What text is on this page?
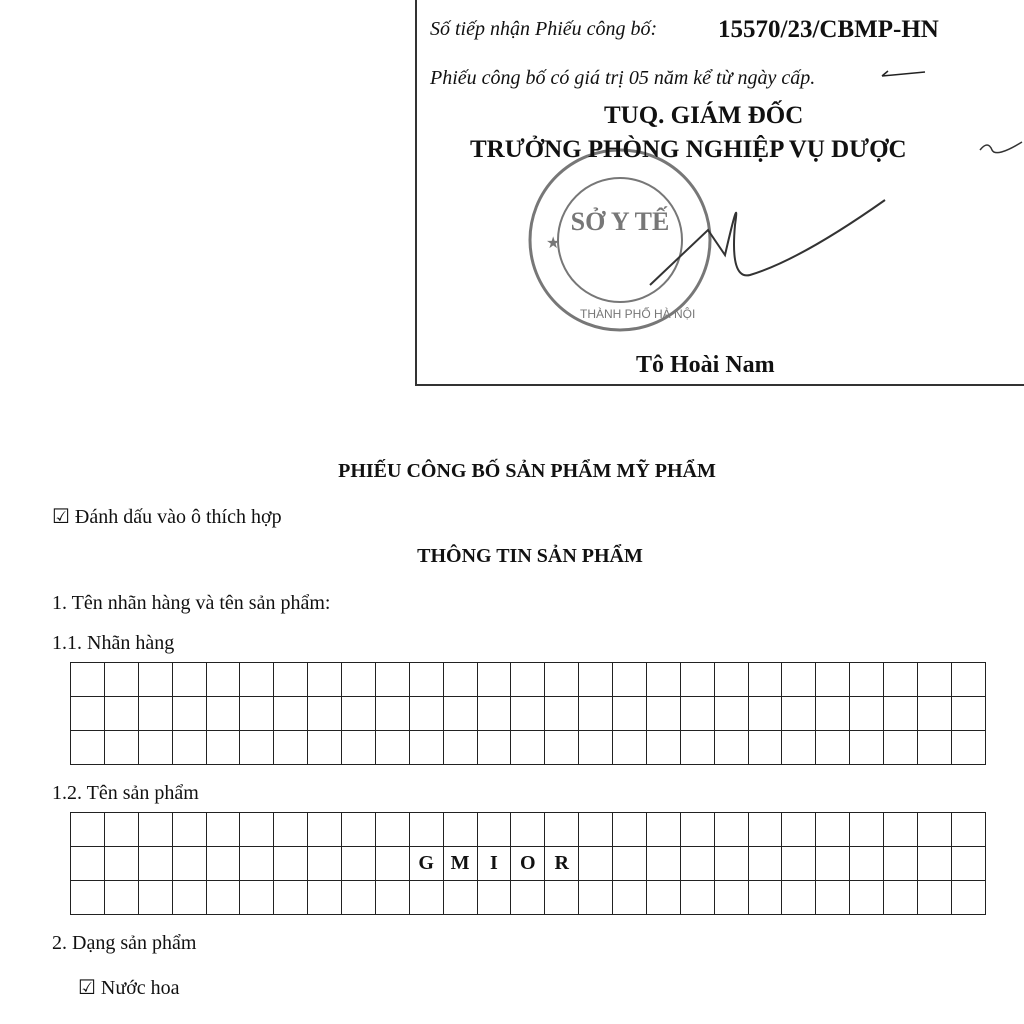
Số tiếp nhận Phiếu công bố: 15570/23/CBMP-HN
Phiếu công bố có giá trị 05 năm kể từ ngày cấp.
SỞ Y TẾ
★
THÀNH PHỐ HÀ NỘI
TUQ. GIÁM ĐỐC
TRƯỞNG PHÒNG NGHIỆP VỤ DƯỢC
Tô Hoài Nam
PHIẾU CÔNG BỐ SẢN PHẨM MỸ PHẨM
☑ Đánh dấu vào ô thích hợp
THÔNG TIN SẢN PHẨM
1. Tên nhãn hàng và tên sản phẩm:
1.1. Nhãn hàng

1.2. Tên sản phẩm

										G	M	I	O	R												

2. Dạng sản phẩm
☑ Nước hoa
